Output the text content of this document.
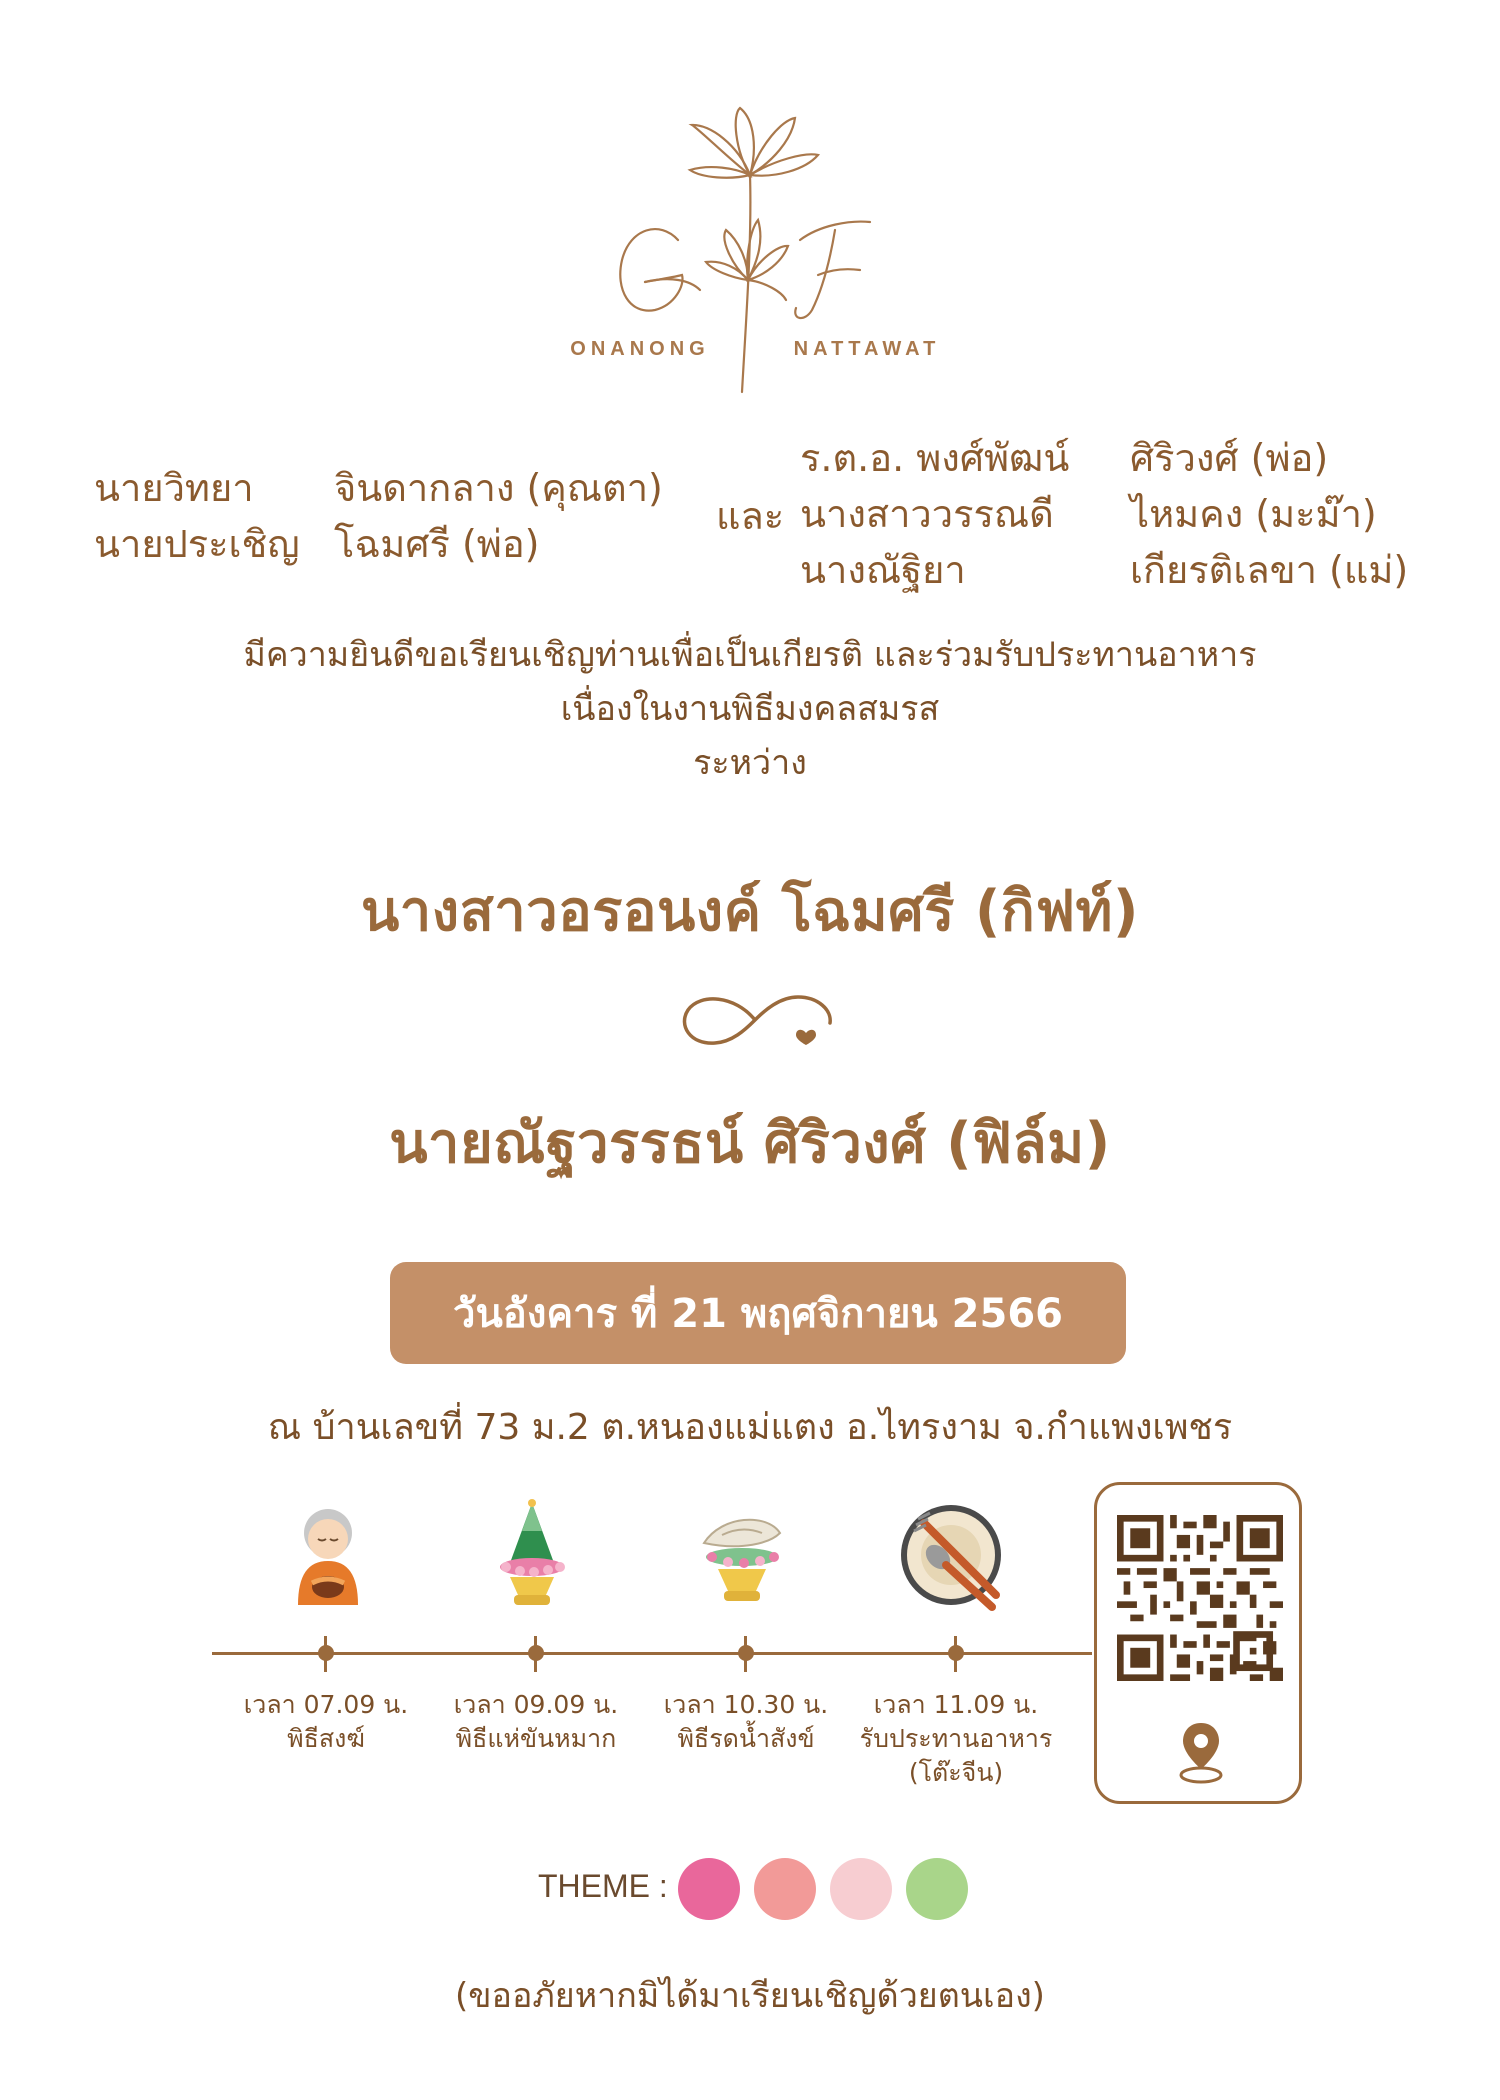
ONANONG	NATTAWAT
นายวิทยา จินดากลาง (คุณตา)
นายประเชิญ โฉมศรี (พ่อ)
และ
ร.ต.อ. พงศ์พัฒน์ ศิริวงศ์ (พ่อ)
นางสาววรรณดี ไหมคง (มะม๊า)
นางณัฐิยา	เกียรติเลขา (แม่)
มีความยินดีขอเรียนเชิญท่านเพื่อเป็นเกียรติ และร่วมรับประทานอาหาร
เนื่องในงานพิธีมงคลสมรส
ระหว่าง
นางสาวอรอนงค์ โฉมศรี (กิฟท์)
นายณัฐวรรธน์ ศิริวงศ์ (ฟิล์ม)
วันอังคาร ที่ 21 พฤศจิกายน 2566
ณ บ้านเลขที่ 73 ม.2 ต.หนองแม่แตง อ.ไทรงาม จ.กำแพงเพชร
เวลา 07.09 น.
พิธีสงฆ์
เวลา 09.09 น.
พิธีแห่ขันหมาก
เวลา 10.30 น.
พิธีรดน้ำสังข์
เวลา 11.09 น.
รับประทานอาหาร
(โต๊ะจีน)
THEME :
(ขออภัยหากมิได้มาเรียนเชิญด้วยตนเอง)
